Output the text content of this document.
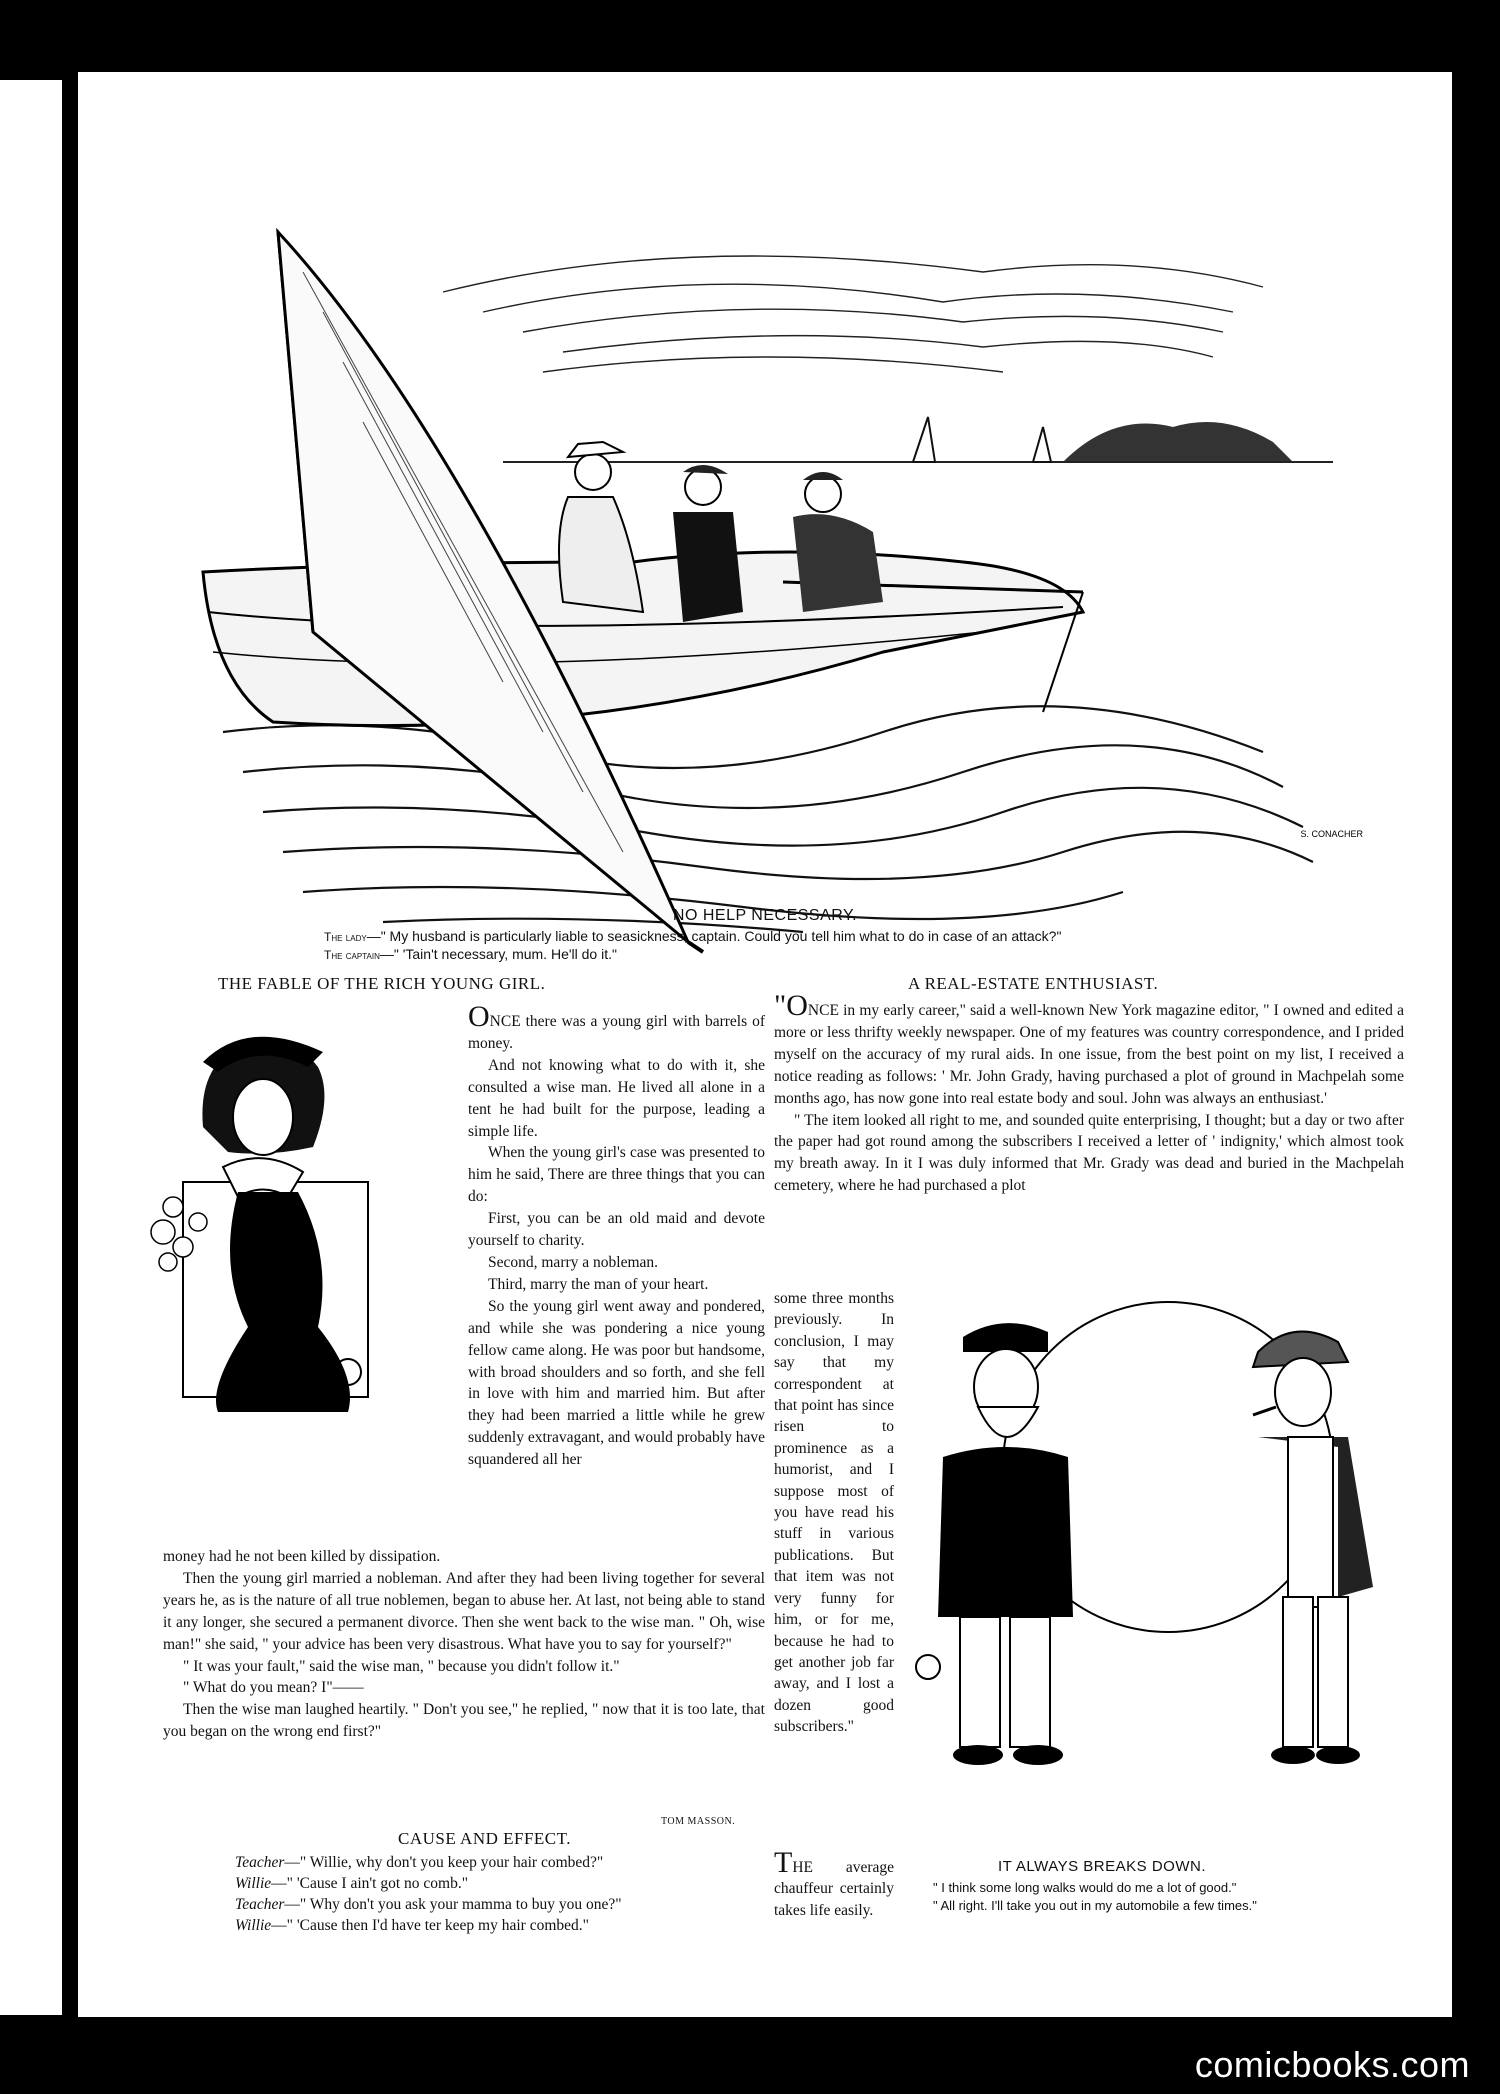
S. CONACHER
NO HELP NECESSARY.
The lady—" My husband is particularly liable to seasickness, captain. Could you tell him what to do in case of an attack?"
The captain—" 'Tain't necessary, mum. He'll do it."
THE FABLE OF THE RICH YOUNG GIRL.

ONCE there was a young girl with barrels of money.

And not knowing what to do with it, she consulted a wise man. He lived all alone in a tent he had built for the purpose, leading a simple life.

When the young girl's case was presented to him he said, There are three things that you can do:

First, you can be an old maid and devote yourself to charity.

Second, marry a nobleman.

Third, marry the man of your heart.

So the young girl went away and pondered, and while she was pondering a nice young fellow came along. He was poor but handsome, with broad shoulders and so forth, and she fell in love with him and married him. But after they had been married a little while he grew suddenly extravagant, and would probably have squandered all her

money had he not been killed by dissipation.

Then the young girl married a nobleman. And after they had been living together for several years he, as is the nature of all true noblemen, began to abuse her. At last, not being able to stand it any longer, she secured a permanent divorce. Then she went back to the wise man. " Oh, wise man!" she said, " your advice has been very disastrous. What have you to say for yourself?"

" It was your fault," said the wise man, " because you didn't follow it."

" What do you mean? I"——

Then the wise man laughed heartily. " Don't you see," he replied, " now that it is too late, that you began on the wrong end first?"

TOM MASSON.
CAUSE AND EFFECT.
Teacher—" Willie, why don't you keep your hair combed?"
Willie—" 'Cause I ain't got no comb."
Teacher—" Why don't you ask your mamma to buy you one?"
Willie—" 'Cause then I'd have ter keep my hair combed."
A REAL-ESTATE ENTHUSIAST.

"ONCE in my early career," said a well-known New York magazine editor, " I owned and edited a more or less thrifty weekly newspaper. One of my features was country correspondence, and I prided myself on the accuracy of my rural aids. In one issue, from the best point on my list, I received a notice reading as follows: ' Mr. John Grady, having purchased a plot of ground in Machpelah some months ago, has now gone into real estate body and soul. John was always an enthusiast.'

" The item looked all right to me, and sounded quite enterprising, I thought; but a day or two after the paper had got round among the subscribers I received a letter of ' indignity,' which almost took my breath away. In it I was duly informed that Mr. Grady was dead and buried in the Machpelah cemetery, where he had purchased a plot

some three months previously. In conclusion, I may say that my correspondent at that point has since risen to prominence as a humorist, and I suppose most of you have read his stuff in various publications. But that item was not very funny for him, or for me, because he had to get another job far away, and I lost a dozen good subscribers."

THE average chauffeur certainly takes life easily.

IT ALWAYS BREAKS DOWN.
" I think some long walks would do me a lot of good."
" All right. I'll take you out in my automobile a few times."
comicbooks.com
